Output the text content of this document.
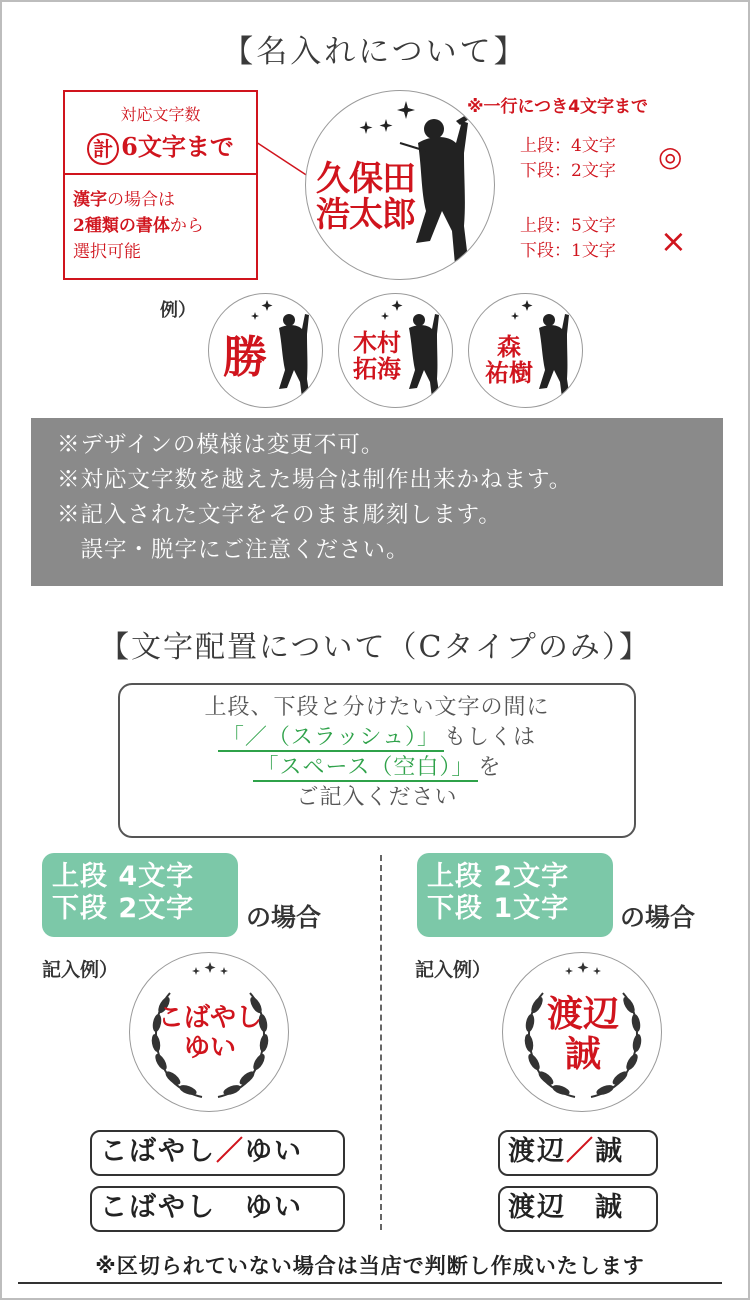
【名入れについて】
対応文字数
計 6文字まで
漢字の場合は
2種類の書体から
選択可能
久保田
浩太郎
※一行につき4文字まで
上段：4文字
下段：2文字 ◎
上段：5文字
下段：1文字 ×
例）
勝	木村
拓海
森
祐樹
※デザインの模様は変更不可。
※対応文字数を越えた場合は制作出来かねます。
※記入された文字をそのまま彫刻します。
　誤字・脱字にご注意ください。
【文字配置について（Cタイプのみ）】
上段、下段と分けたい文字の間に
「／（スラッシュ）」 もしくは
「スペース（空白）」 を
ご記入ください
上段 4文字
下段 2文字	の場合
記入例）
こばやし
ゆい
こばやし／ゆい
こばやし　ゆい
上段 2文字
下段 1文字	の場合
記入例）
渡辺
誠
渡辺／誠
渡辺　誠
※区切られていない場合は当店で判断し作成いたします
